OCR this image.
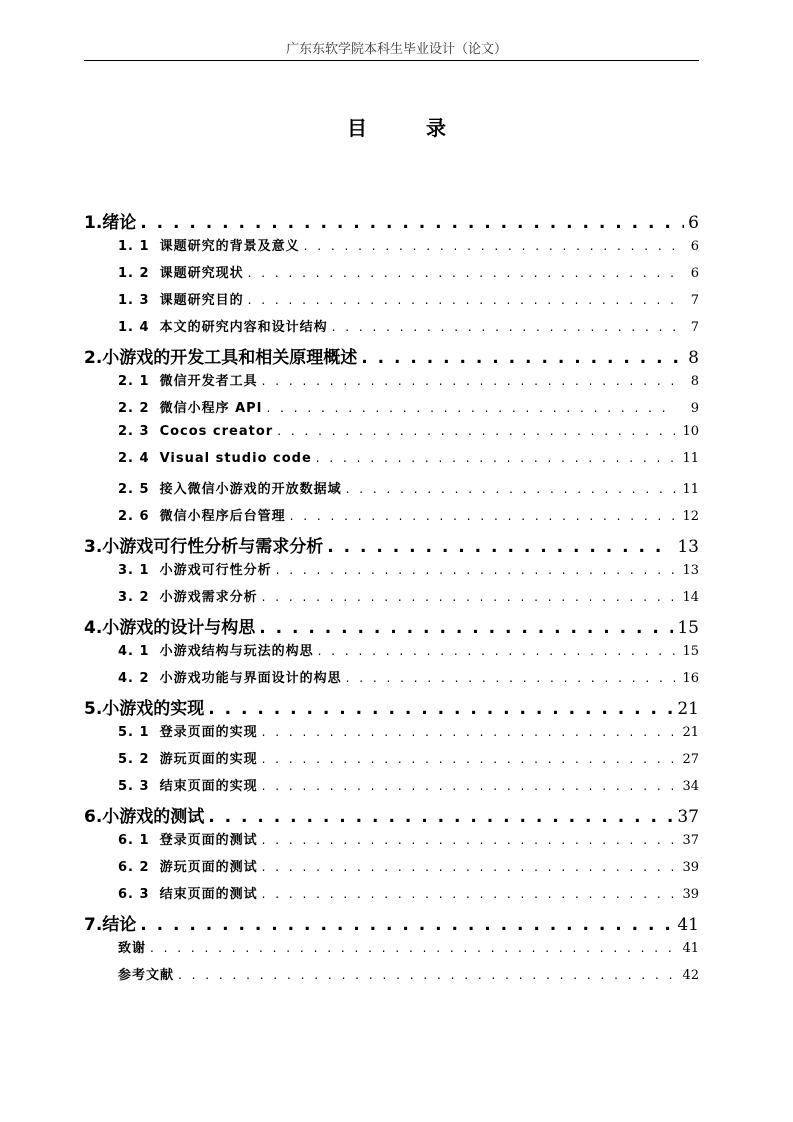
广东东软学院本科生毕业设计（论文）
目 录
1. 绪论 . . .	6
1. 1 课题研究的背景及意义 . . .	6
1. 2 课题研究现状 . . .	6
1. 3 课题研究目的 . . .	7
1. 4 本文的研究内容和设计结构 . . .	7
2. 小游戏的开发工具和相关原理概述 . . .	8
2. 1 微信开发者工具 . . .	8
2. 2 微信小程序 API . . .	9
2. 3 Cocos creator . . .	10
2. 4 Visual studio code . . .	11
2. 5 接入微信小游戏的开放数据域 . . .	11
2. 6 微信小程序后台管理 . . .	12
3. 小游戏可行性分析与需求分析 . . .	13
3. 1 小游戏可行性分析 . . .	13
3. 2 小游戏需求分析 . . .	14
4. 小游戏的设计与构思 . . .	15
4. 1 小游戏结构与玩法的构思 . . .	15
4. 2 小游戏功能与界面设计的构思 . . .	16
5. 小游戏的实现 . . .	21
5. 1 登录页面的实现 . . .	21
5. 2 游玩页面的实现 . . .	27
5. 3 结束页面的实现 . . .	34
6. 小游戏的测试 . . .	37
6. 1 登录页面的测试 . . .	37
6. 2 游玩页面的测试 . . .	39
6. 3 结束页面的测试 . . .	39
7. 结论 . . .	41
致谢 . . .	41
参考文献 . . .	42
